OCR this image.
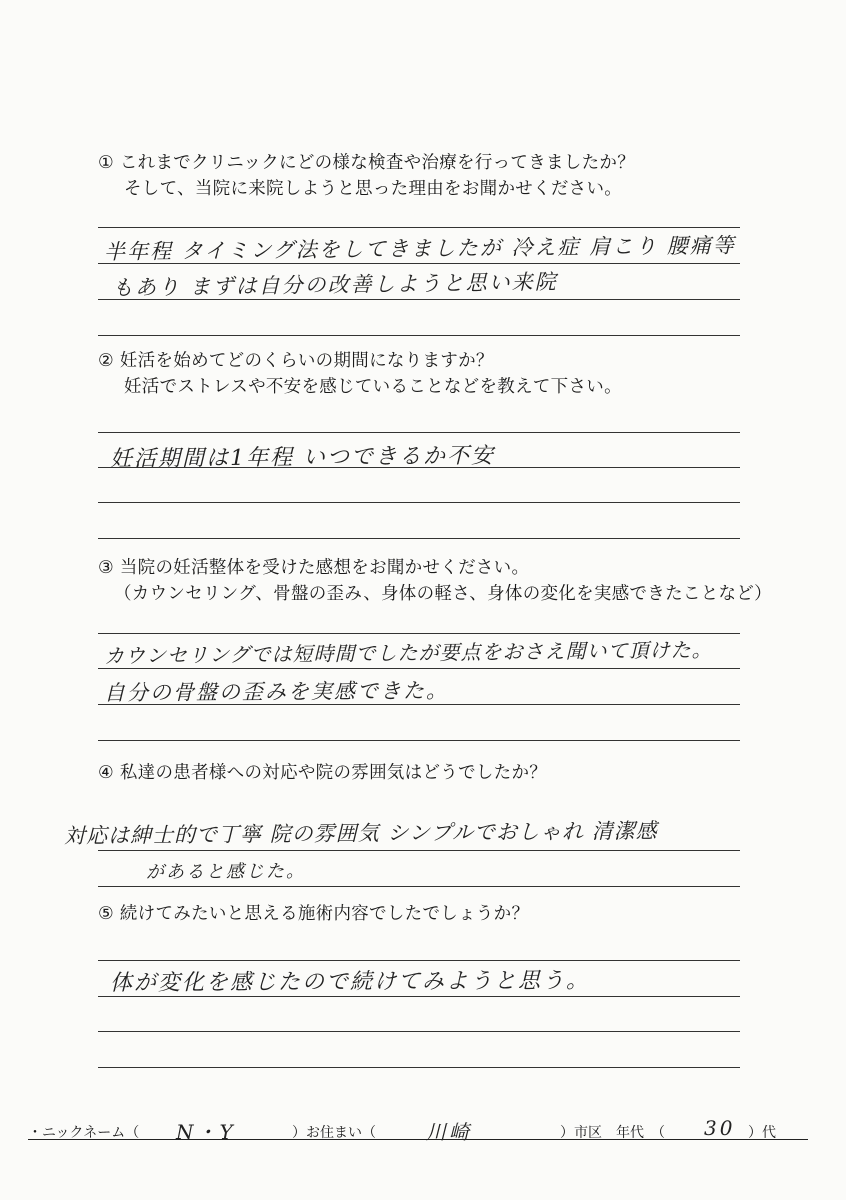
① これまでクリニックにどの様な検査や治療を行ってきましたか？
そして、当院に来院しようと思った理由をお聞かせください。
半年程 タイミング法をしてきましたが 冷え症 肩こり 腰痛等
もあり まずは自分の改善しようと思い来院
② 妊活を始めてどのくらいの期間になりますか？
妊活でストレスや不安を感じていることなどを教えて下さい。
妊活期間は1年程 いつできるか不安
③ 当院の妊活整体を受けた感想をお聞かせください。
（カウンセリング、骨盤の歪み、身体の軽さ、身体の変化を実感できたことなど）
カウンセリングでは短時間でしたが要点をおさえ聞いて頂けた。
自分の骨盤の歪みを実感できた。
④ 私達の患者様への対応や院の雰囲気はどうでしたか？
対応は紳士的で丁寧 院の雰囲気 シンプルでおしゃれ 清潔感
があると感じた。
⑤ 続けてみたいと思える施術内容でしたでしょうか？
体が変化を感じたので続けてみようと思う。
・ニックネーム（ N・Y	）お住まい（	川崎	）市区　年代　（ 30 ）代
